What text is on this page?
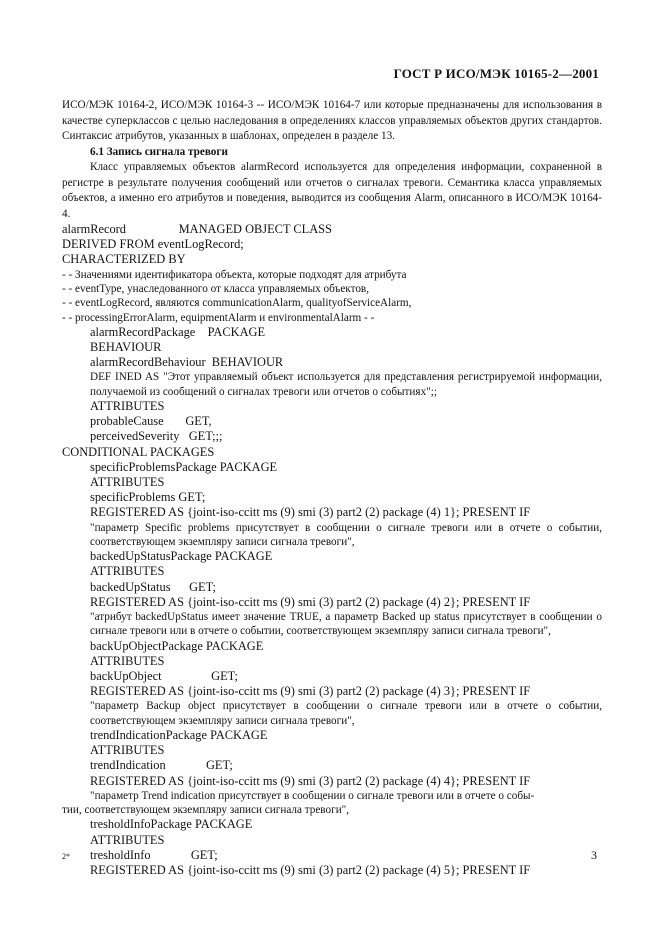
ГОСТ Р ИСО/МЭК 10165-2—2001

ИСО/МЭК 10164-2, ИСО/МЭК 10164-3 -- ИСО/МЭК 10164-7 или которые предназначены для использования в качестве суперклассов с целью наследования в определениях классов управляемых объектов других стандартов. Синтаксис атрибутов, указанных в шаблонах, определен в разделе 13.

6.1 Запись сигнала тревоги

Класс управляемых объектов alarmRecord используется для определения информации, сохраненной в регистре в результате получения сообщений или отчетов о сигналах тревоги. Семантика класса управляемых объектов, а именно его атрибутов и поведения, выводится из сообщения Alarm, описанного в ИСО/МЭК 10164-4.

alarmRecord                 MANAGED OBJECT CLASS

DERIVED FROM eventLogRecord;

CHARACTERIZED BY

- - Значениями идентификатора объекта, которые подходят для атрибута

- - eventType, унаследованного от класса управляемых объектов,

- - eventLogRecord, являются communicationAlarm, qualityofServiceAlarm,

- - processingErrorAlarm, equipmentAlarm и environmentalAlarm - -

alarmRecordPackage    PACKAGE

BEHAVIOUR

alarmRecordBehaviour  BEHAVIOUR

DEF INED AS "Этот управляемый объект используется для представления регистрируемой информации, получаемой из сообщений о сигналах тревоги или отчетов о событиях";;

ATTRIBUTES

probableCause       GET,

perceivedSeverity   GET;;;

CONDITIONAL PACKAGES

specificProblemsPackage PACKAGE

ATTRIBUTES

specificProblems GET;

REGISTERED AS {joint-iso-ccitt ms (9) smi (3) part2 (2) package (4) 1}; PRESENT IF

"параметр Specific problems присутствует в сообщении о сигнале тревоги или в отчете о событии, соответствующем экземпляру записи сигнала тревоги",

backedUpStatusPackage PACKAGE

ATTRIBUTES

backedUpStatus      GET;

REGISTERED AS {joint-iso-ccitt ms (9) smi (3) part2 (2) package (4) 2}; PRESENT IF

"атрибут backedUpStatus имеет значение TRUE, а параметр Backed up status присутствует в сообщении о сигнале тревоги или в отчете о событии, соответствующем экземпляру записи сигнала тревоги",

backUpObjectPackage PACKAGE

ATTRIBUTES

backUpObject                GET;

REGISTERED AS {joint-iso-ccitt ms (9) smi (3) part2 (2) package (4) 3}; PRESENT IF

"параметр Backup object присутствует в сообщении о сигнале тревоги или в отчете о событии, соответствующем экземпляру записи сигнала тревоги",

trendIndicationPackage PACKAGE

ATTRIBUTES

trendIndication             GET;

REGISTERED AS {joint-iso-ccitt ms (9) smi (3) part2 (2) package (4) 4}; PRESENT IF

"параметр Trend indication присутствует в сообщении о сигнале тревоги или в отчете о собы-

тии, соответствующем экземпляру записи сигнала тревоги",

tresholdInfoPackage PACKAGE

ATTRIBUTES

tresholdInfo             GET;

REGISTERED AS {joint-iso-ccitt ms (9) smi (3) part2 (2) package (4) 5}; PRESENT IF

2*	3
